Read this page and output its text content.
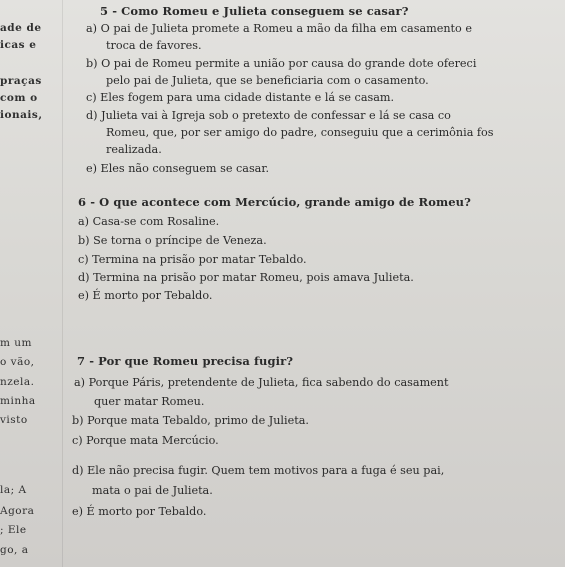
ade de
icas e
praças
com o
ionais,
m um
o vão,
nzela.
minha
visto
la; A
Agora
; Ele
go, a
5 - Como Romeu e Julieta conseguem se casar?
a) O pai de Julieta promete a Romeu a mão da filha em casamento e
troca de favores.
b) O pai de Romeu permite a união por causa do grande dote ofereci
pelo pai de Julieta, que se beneficiaria com o casamento.
c) Eles fogem para uma cidade distante e lá se casam.
d) Julieta vai à Igreja sob o pretexto de confessar e lá se casa co
Romeu, que, por ser amigo do padre, conseguiu que a cerimônia fos
realizada.
e) Eles não conseguem se casar.
6 - O que acontece com Mercúcio, grande amigo de Romeu?
a) Casa-se com Rosaline.
b) Se torna o príncipe de Veneza.
c) Termina na prisão por matar Tebaldo.
d) Termina na prisão por matar Romeu, pois amava Julieta.
e) É morto por Tebaldo.
7 - Por que Romeu precisa fugir?
a) Porque Páris, pretendente de Julieta, fica sabendo do casament
quer matar Romeu.
b) Porque mata Tebaldo, primo de Julieta.
c) Porque mata Mercúcio.
d) Ele não precisa fugir. Quem tem motivos para a fuga é seu pai,
mata o pai de Julieta.
e) É morto por Tebaldo.
